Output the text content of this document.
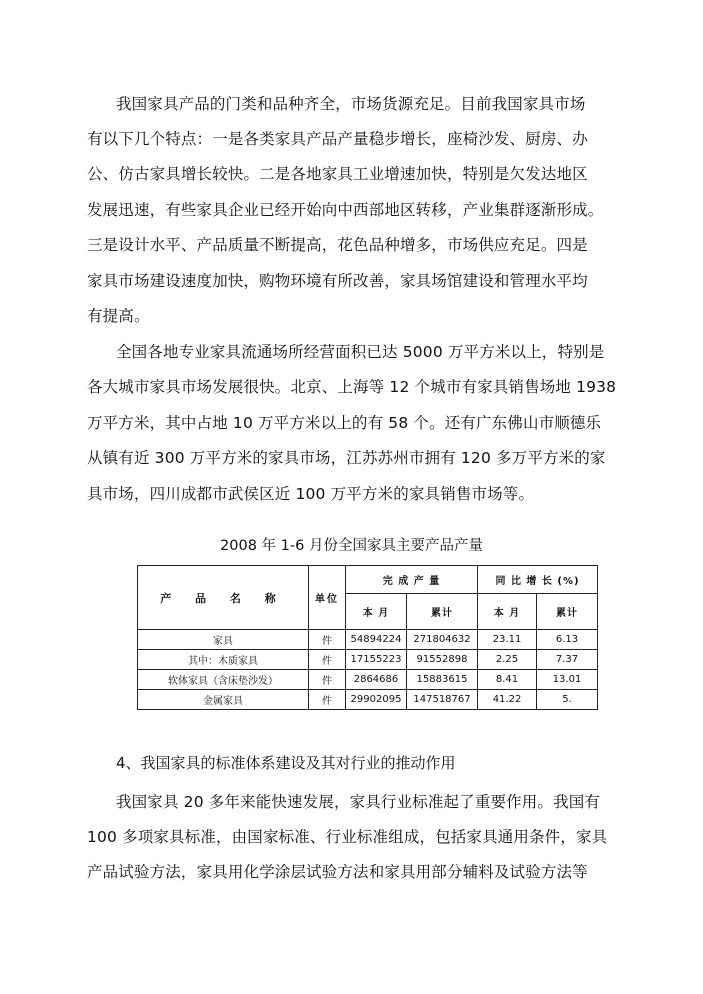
我国家具产品的门类和品种齐全，市场货源充足。目前我国家具市场
有以下几个特点：一是各类家具产品产量稳步增长，座椅沙发、厨房、办
公、仿古家具增长较快。二是各地家具工业增速加快，特别是欠发达地区
发展迅速，有些家具企业已经开始向中西部地区转移，产业集群逐渐形成。
三是设计水平、产品质量不断提高，花色品种增多，市场供应充足。四是
家具市场建设速度加快，购物环境有所改善，家具场馆建设和管理水平均
有提高。
全国各地专业家具流通场所经营面积已达 5000 万平方米以上，特别是
各大城市家具市场发展很快。北京、上海等 12 个城市有家具销售场地 1938
万平方米，其中占地 10 万平方米以上的有 58 个。还有广东佛山市顺德乐
从镇有近 300 万平方米的家具市场，江苏苏州市拥有 120 多万平方米的家
具市场，四川成都市武侯区近 100 万平方米的家具销售市场等。
2008 年 1-6 月份全国家具主要产品产量
产 品 名 称	单位	完 成 产 量		同 比 增 长 (%)	
		本 月	累计	本 月	累计
家具	件	54894224	271804632	23.11	6.13
其中：木质家具	件	17155223	91552898	2.25	7.37
软体家具（含床垫沙发）	件	2864686	15883615	8.41	13.01
金属家具	件	29902095	147518767	41.22	5.
4、我国家具的标准体系建设及其对行业的推动作用
我国家具 20 多年来能快速发展，家具行业标准起了重要作用。我国有
100 多项家具标准，由国家标准、行业标准组成，包括家具通用条件，家具
产品试验方法，家具用化学涂层试验方法和家具用部分辅料及试验方法等
